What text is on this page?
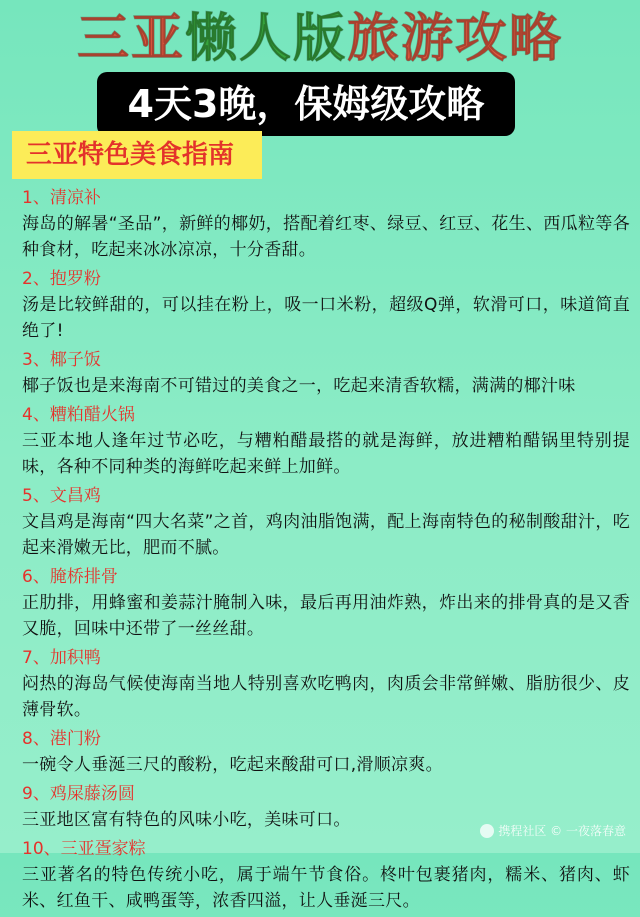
三亚懒人版旅游攻略
4天3晚，保姆级攻略
三亚特色美食指南
1、清凉补
海岛的解暑“圣品”，新鲜的椰奶，搭配着红枣、绿豆、红豆、花生、西瓜粒等各种食材，吃起来冰冰凉凉，十分香甜。
2、抱罗粉
汤是比较鲜甜的，可以挂在粉上，吸一口米粉，超级Q弹，软滑可口，味道简直绝了!
3、椰子饭
椰子饭也是来海南不可错过的美食之一，吃起来清香软糯，满满的椰汁味
4、糟粕醋火锅
三亚本地人逢年过节必吃，与糟粕醋最搭的就是海鲜，放进糟粕醋锅里特别提味，各种不同种类的海鲜吃起来鲜上加鲜。
5、文昌鸡
文昌鸡是海南“四大名菜”之首，鸡肉油脂饱满，配上海南特色的秘制酸甜汁，吃起来滑嫩无比，肥而不腻。
6、腌桥排骨
正肋排，用蜂蜜和姜蒜汁腌制入味，最后再用油炸熟，炸出来的排骨真的是又香又脆，回味中还带了一丝丝甜。
7、加积鸭
闷热的海岛气候使海南当地人特别喜欢吃鸭肉，肉质会非常鲜嫩、脂肪很少、皮薄骨软。
8、港门粉
一碗令人垂涎三尺的酸粉，吃起来酸甜可口,滑顺凉爽。
9、鸡屎藤汤圆
三亚地区富有特色的风味小吃，美味可口。
10、三亚疍家粽
三亚著名的特色传统小吃，属于端午节食俗。柊叶包裹猪肉，糯米、猪肉、虾米、红鱼干、咸鸭蛋等，浓香四溢，让人垂涎三尺。
携程社区 © 一夜落春意
